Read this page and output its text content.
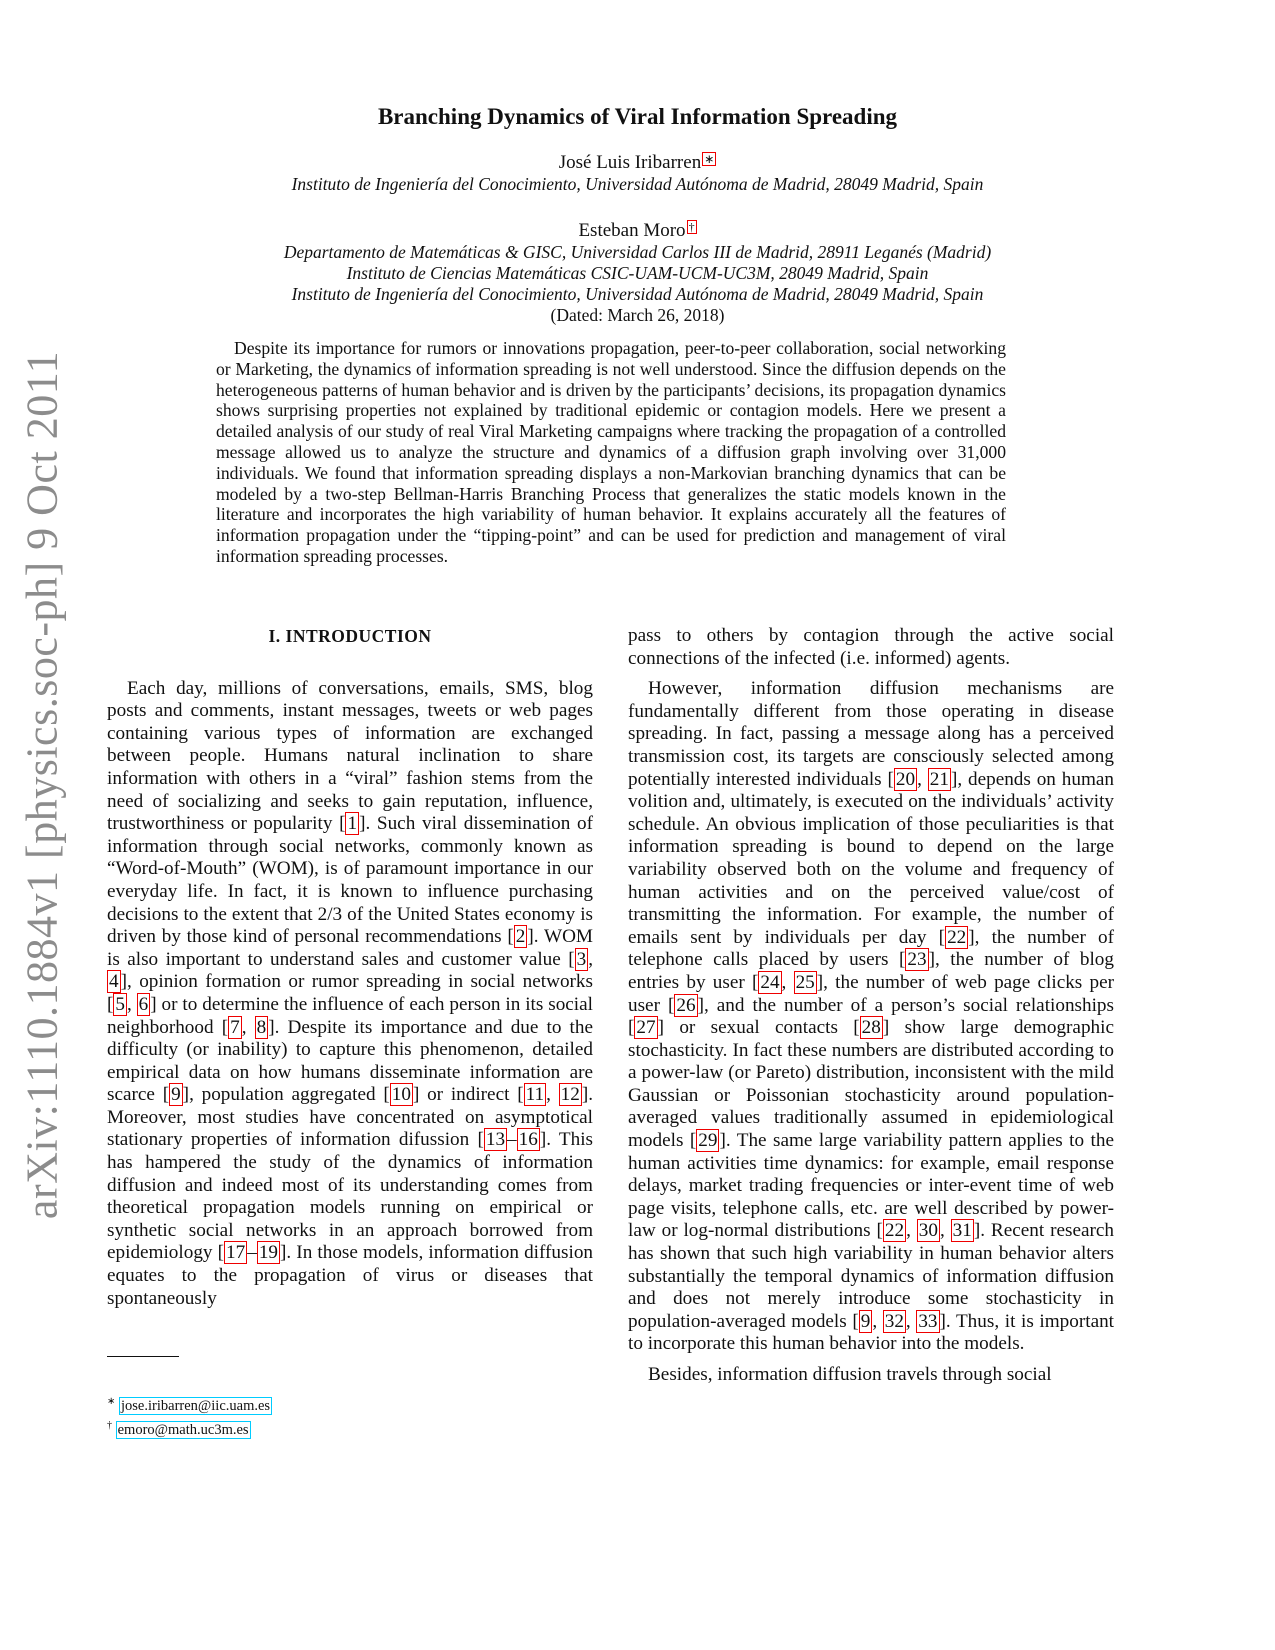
arXiv:1110.1884v1 [physics.soc-ph] 9 Oct 2011
Branching Dynamics of Viral Information Spreading
José Luis Iribarren ∗
Instituto de Ingeniería del Conocimiento, Universidad Autónoma de Madrid, 28049 Madrid, Spain
Esteban Moro †
Departamento de Matemáticas & GISC, Universidad Carlos III de Madrid, 28911 Leganés (Madrid)
Instituto de Ciencias Matemáticas CSIC-UAM-UCM-UC3M, 28049 Madrid, Spain
Instituto de Ingeniería del Conocimiento, Universidad Autónoma de Madrid, 28049 Madrid, Spain
(Dated: March 26, 2018)
Despite its importance for rumors or innovations propagation, peer-to-peer collaboration, social networking or Marketing, the dynamics of information spreading is not well understood. Since the diffusion depends on the heterogeneous patterns of human behavior and is driven by the participants’ decisions, its propagation dynamics shows surprising properties not explained by traditional epidemic or contagion models. Here we present a detailed analysis of our study of real Viral Marketing campaigns where tracking the propagation of a controlled message allowed us to analyze the structure and dynamics of a diffusion graph involving over 31,000 individuals. We found that information spreading displays a non-Markovian branching dynamics that can be modeled by a two-step Bellman-Harris Branching Process that generalizes the static models known in the literature and incorporates the high variability of human behavior. It explains accurately all the features of information propagation under the “tipping-point” and can be used for prediction and management of viral information spreading processes.
I. INTRODUCTION

Each day, millions of conversations, emails, SMS, blog posts and comments, instant messages, tweets or web pages containing various types of information are exchanged between people. Humans natural inclination to share information with others in a “viral” fashion stems from the need of socializing and seeks to gain reputation, influence, trustworthiness or popularity [ 1 ]. Such viral dissemination of information through social networks, commonly known as “Word-of-Mouth” (WOM), is of paramount importance in our everyday life. In fact, it is known to influence purchasing decisions to the extent that 2/3 of the United States economy is driven by those kind of personal recommendations [ 2 ]. WOM is also important to understand sales and customer value [ 3 , 4 ], opinion formation or rumor spreading in social networks [ 5 , 6 ] or to determine the influence of each person in its social neighborhood [ 7 , 8 ]. Despite its importance and due to the difficulty (or inability) to capture this phenomenon, detailed empirical data on how humans disseminate information are scarce [ 9 ], population aggregated [ 10 ] or indirect [ 11 , 12 ]. Moreover, most studies have concentrated on asymptotical stationary properties of information difussion [ 13 – 16 ]. This has hampered the study of the dynamics of information diffusion and indeed most of its understanding comes from theoretical propagation models running on empirical or synthetic social networks in an approach borrowed from epidemiology [ 17 – 19 ]. In those models, information diffusion equates to the propagation of virus or diseases that spontaneously

pass to others by contagion through the active social connections of the infected (i.e. informed) agents.

However, information diffusion mechanisms are fundamentally different from those operating in disease spreading. In fact, passing a message along has a perceived transmission cost, its targets are consciously selected among potentially interested individuals [ 20 , 21 ], depends on human volition and, ultimately, is executed on the individuals’ activity schedule. An obvious implication of those peculiarities is that information spreading is bound to depend on the large variability observed both on the volume and frequency of human activities and on the perceived value/cost of transmitting the information. For example, the number of emails sent by individuals per day [ 22 ], the number of telephone calls placed by users [ 23 ], the number of blog entries by user [ 24 , 25 ], the number of web page clicks per user [ 26 ], and the number of a person’s social relationships [ 27 ] or sexual contacts [ 28 ] show large demographic stochasticity. In fact these numbers are distributed according to a power-law (or Pareto) distribution, inconsistent with the mild Gaussian or Poissonian stochasticity around population-averaged values traditionally assumed in epidemiological models [ 29 ]. The same large variability pattern applies to the human activities time dynamics: for example, email response delays, market trading frequencies or inter-event time of web page visits, telephone calls, etc. are well described by power-law or log-normal distributions [ 22 , 30 , 31 ]. Recent research has shown that such high variability in human behavior alters substantially the temporal dynamics of information diffusion and does not merely introduce some stochasticity in population-averaged models [ 9 , 32 , 33 ]. Thus, it is important to incorporate this human behavior into the models.

Besides, information diffusion travels through social

∗ jose.iribarren@iic.uam.es
† emoro@math.uc3m.es
